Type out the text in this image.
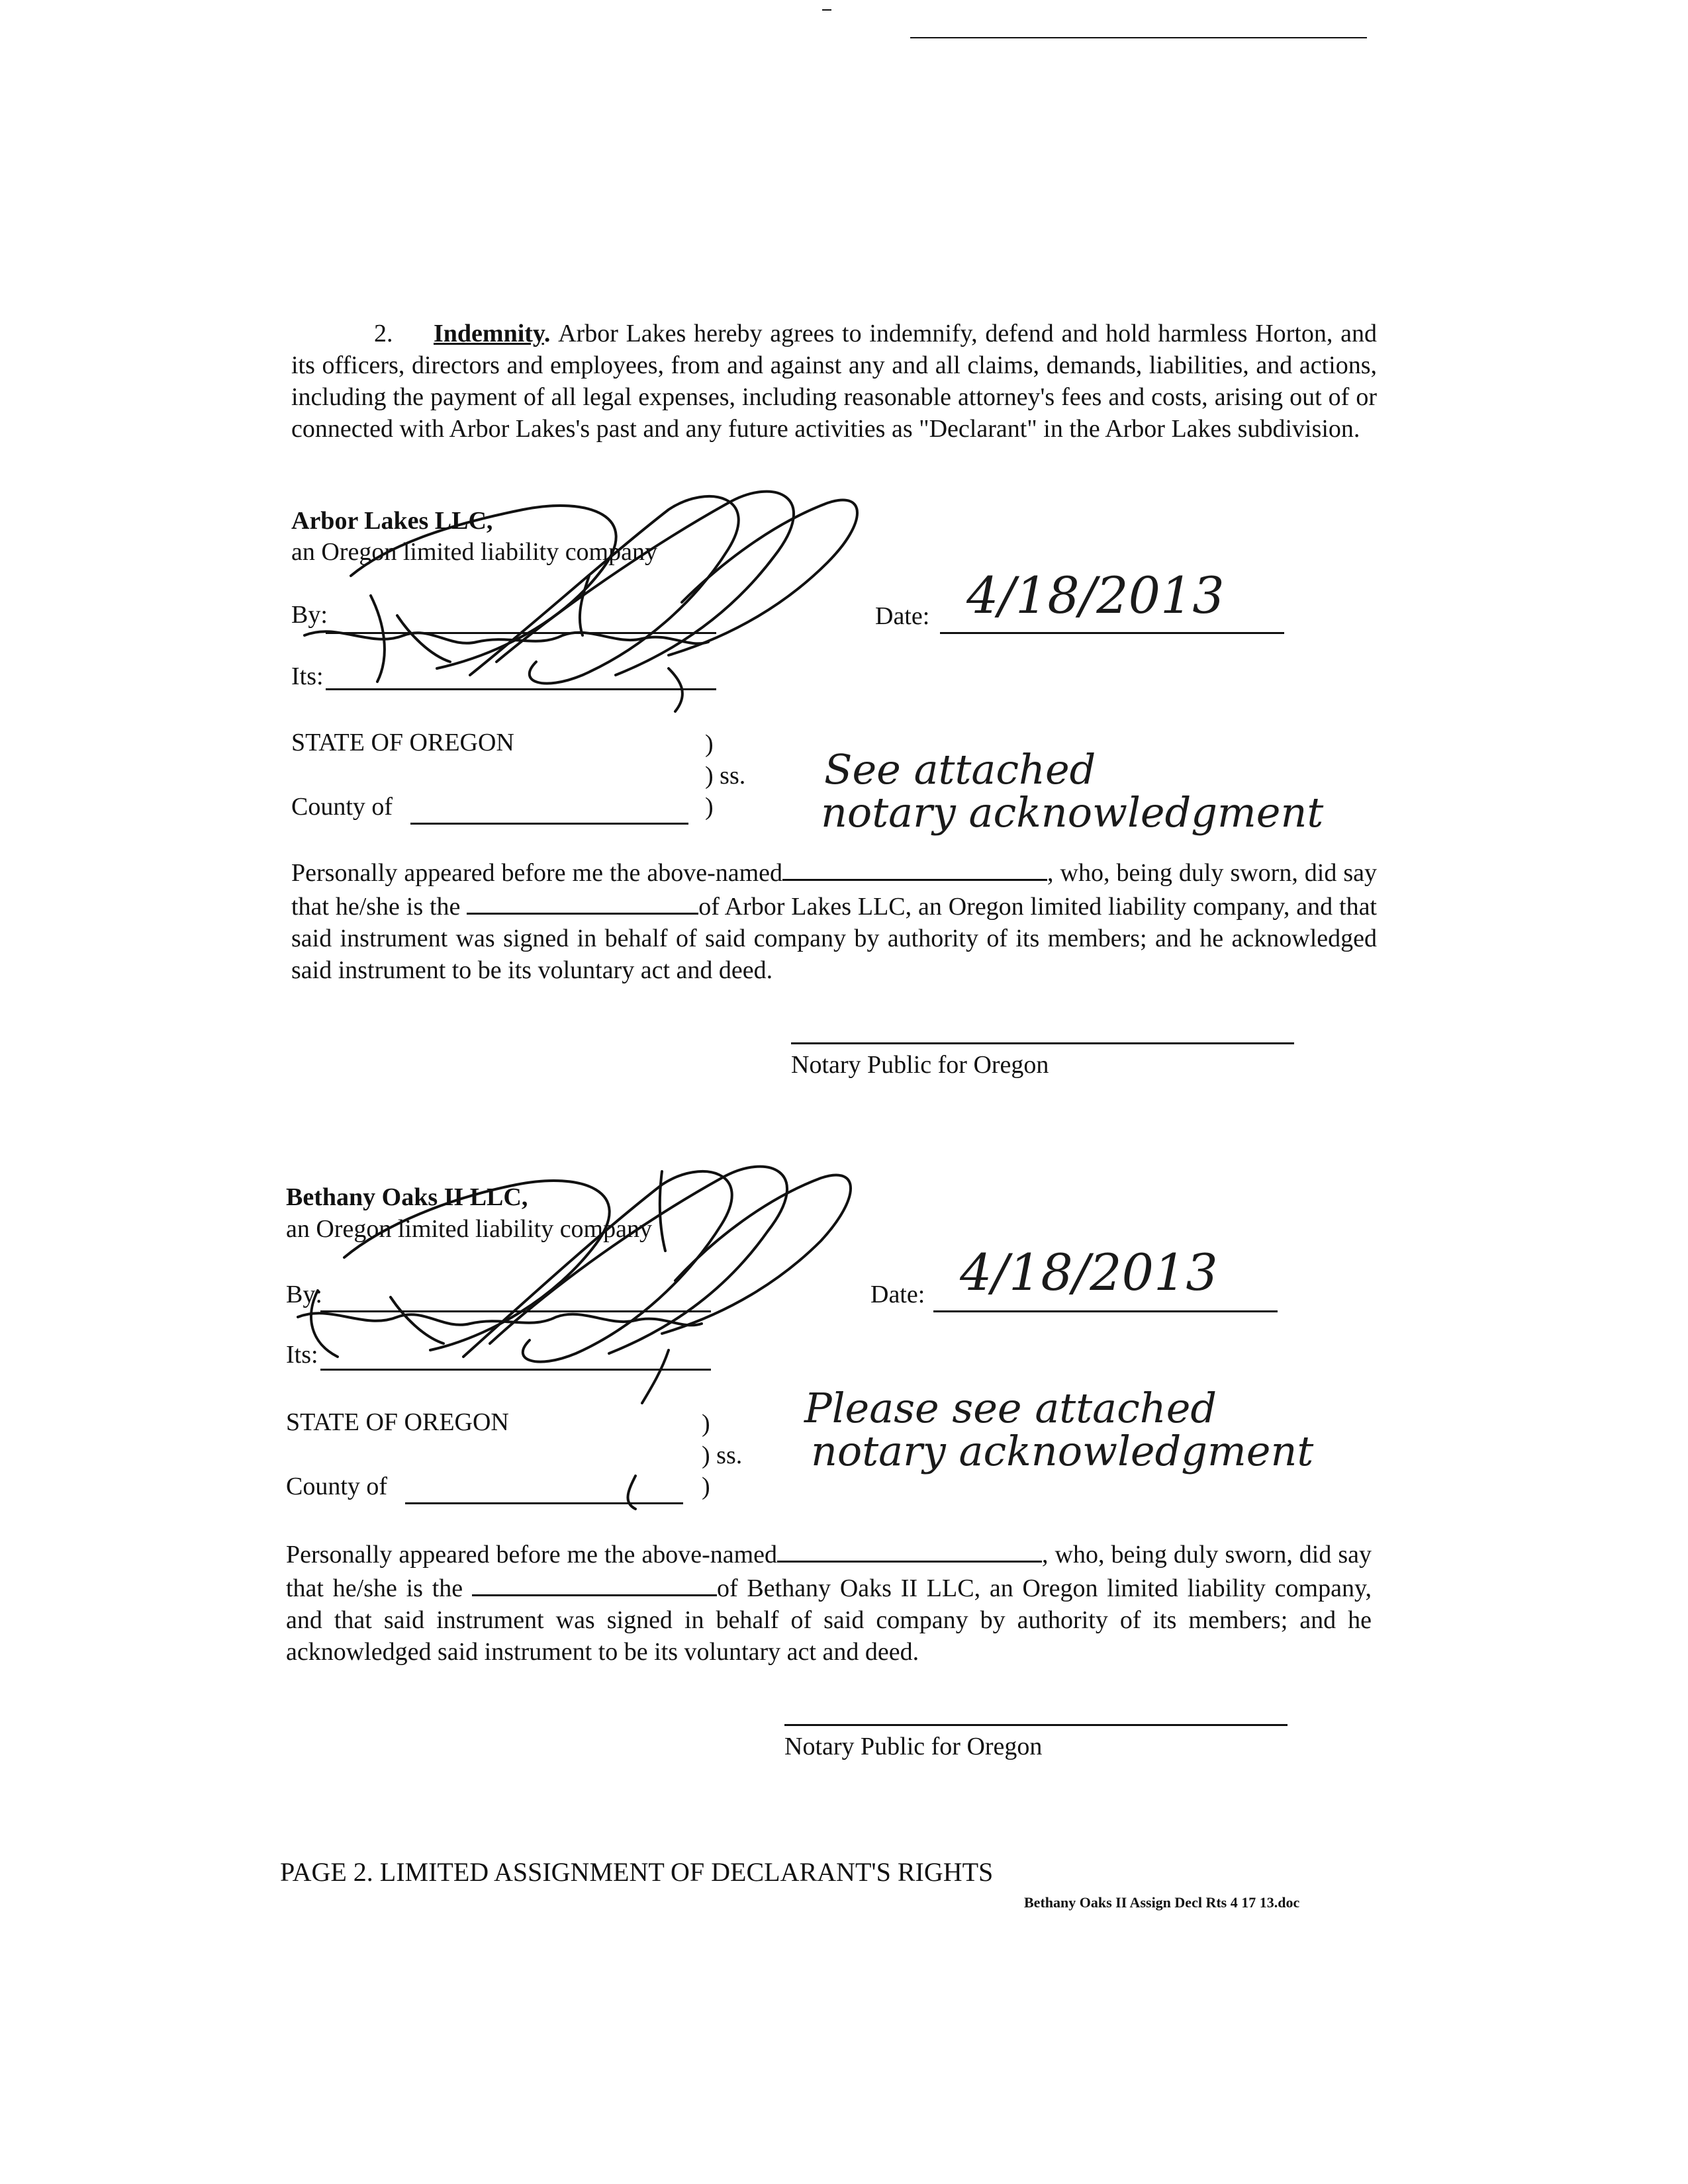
2. Indemnity. Arbor Lakes hereby agrees to indemnify, defend and hold harmless Horton, and its officers, directors and employees, from and against any and all claims, demands, liabilities, and actions, including the payment of all legal expenses, including reasonable attorney's fees and costs, arising out of or connected with Arbor Lakes's past and any future activities as "Declarant" in the Arbor Lakes subdivision.

Arbor Lakes LLC,
an Oregon limited liability company
By:
Its:
Date: 4/18/2013
STATE OF OREGON	)
) ss.
County of	)
See attached
notary acknowledgment

Personally appeared before me the above-named	, who, being duly sworn, did say that he/she is the	of Arbor Lakes LLC, an Oregon limited liability company, and that said instrument was signed in behalf of said company by authority of its members; and he acknowledged said instrument to be its voluntary act and deed.

Notary Public for Oregon
Bethany Oaks II LLC,
an Oregon limited liability company
By:
Its:
Date: 4/18/2013
STATE OF OREGON	)
) ss.
County of	)
Please see attached
notary acknowledgment

Personally appeared before me the above-named	, who, being duly sworn, did say that he/she is the	of Bethany Oaks II LLC, an Oregon limited liability company, and that said instrument was signed in behalf of said company by authority of its members; and he acknowledged said instrument to be its voluntary act and deed.

Notary Public for Oregon
PAGE 2. LIMITED ASSIGNMENT OF DECLARANT'S RIGHTS
Bethany Oaks II Assign Decl Rts 4 17 13.doc
